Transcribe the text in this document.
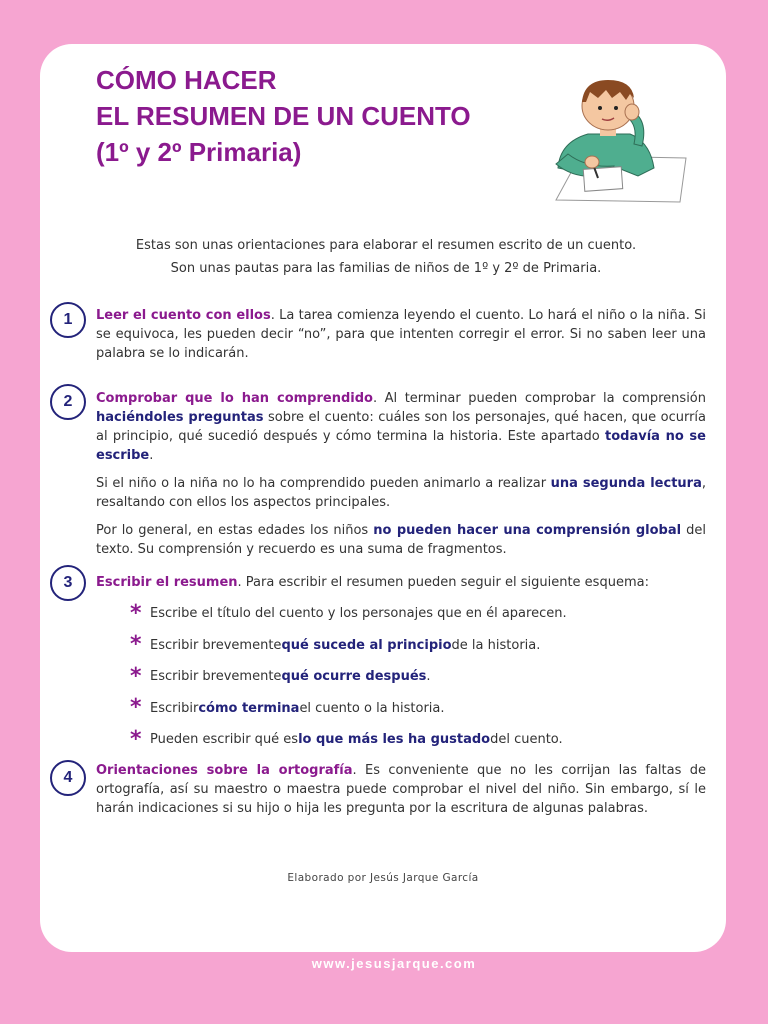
CÓMO HACER
EL RESUMEN DE UN CUENTO
(1º y 2º Primaria)
Estas son unas orientaciones para elaborar el resumen escrito de un cuento.
Son unas pautas para las familias de niños de 1º y 2º de Primaria.
1	Leer el cuento con ellos. La tarea comienza leyendo el cuento. Lo hará el niño o la niña. Si se equivoca, les pueden decir “no”, para que intenten corregir el error. Si no saben leer una palabra se lo indicarán.

2	Comprobar que lo han comprendido. Al terminar pueden comprobar la comprensión haciéndoles preguntas sobre el cuento: cuáles son los personajes, qué hacen, que ocurría al principio, qué sucedió después y cómo termina la historia. Este apartado todavía no se escribe.

Si el niño o la niña no lo ha comprendido pueden animarlo a realizar una segunda lectura, resaltando con ellos los aspectos principales.

Por lo general, en estas edades los niños no pueden hacer una comprensión global del texto. Su comprensión y recuerdo es una suma de fragmentos.

3	Escribir el resumen. Para escribir el resumen pueden seguir el siguiente esquema:

* Escribe el título del cuento y los personajes que en él aparecen.
* Escribir brevemente qué sucede al principio de la historia.
* Escribir brevemente qué ocurre después .
* Escribir cómo termina el cuento o la historia.
* Pueden escribir qué es lo que más les ha gustado del cuento.
4	Orientaciones sobre la ortografía. Es conveniente que no les corrijan las faltas de ortografía, así su maestro o maestra puede comprobar el nivel del niño. Sin embargo, sí le harán indicaciones si su hijo o hija les pregunta por la escritura de algunas palabras.

Elaborado por Jesús Jarque García
www.jesusjarque.com
